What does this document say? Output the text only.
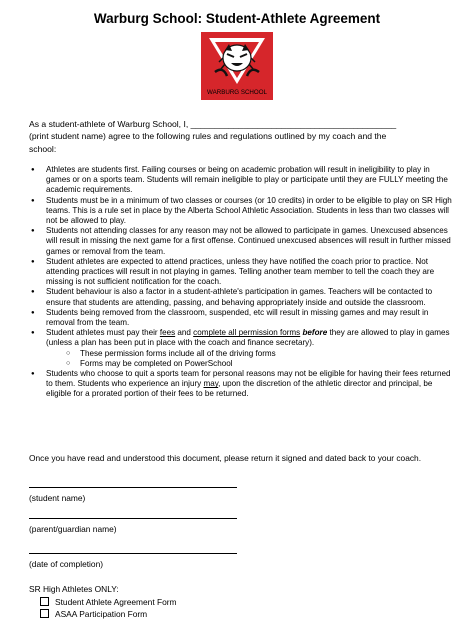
Warburg School: Student-Athlete Agreement
WARBURG SCHOOL

As a student-athlete of Warburg School, I, ___________________________________________

(print student name) agree to the following rules and regulations outlined by my coach and the

school:

● Athletes are students first. Failing courses or being on academic probation will result in ineligibility to play in games or on a sports team. Students will remain ineligible to play or participate until they are FULLY meeting the academic requirements.
● Students must be in a minimum of two classes or courses (or 10 credits) in order to be eligible to play on SR High teams. This is a rule set in place by the Alberta School Athletic Association. Students in less than two classes will not be allowed to play.
● Students not attending classes for any reason may not be allowed to participate in games. Unexcused absences will result in missing the next game for a first offense. Continued unexcused absences will result in further missed games or removal from the team.
● Student athletes are expected to attend practices, unless they have notified the coach prior to practice. Not attending practices will result in not playing in games. Telling another team member to tell the coach they are missing is not sufficient notification for the coach.
● Student behaviour is also a factor in a student-athlete's participation in games. Teachers will be contacted to ensure that students are attending, passing, and behaving appropriately inside and outside the classroom.
● Students being removed from the classroom, suspended, etc will result in missing games and may result in removal from the team.
● Student athletes must pay their fees and complete all permission forms before they are allowed to play in games (unless a plan has been put in place with the coach and finance secretary).
○ These permission forms include all of the driving forms
○ Forms may be completed on PowerSchool
● Students who choose to quit a sports team for personal reasons may not be eligible for having their fees returned to them. Students who experience an injury may, upon the discretion of the athletic director and principal, be eligible for a prorated portion of their fees to be returned.
Once you have read and understood this document, please return it signed and dated back to your coach.
(student name)
(parent/guardian name)
(date of completion)
SR High Athletes ONLY:
Student Athlete Agreement Form
ASAA Participation Form
